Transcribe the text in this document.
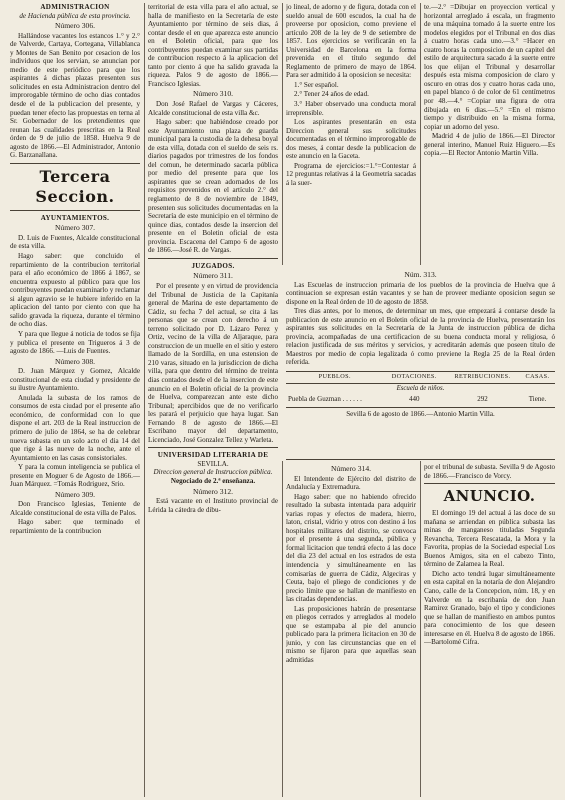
ADMINISTRACION
de Hacienda pública de esta provincia.
Número 306.

Hallándose vacantes los estancos 1.° y 2.° de Valverde, Cartaya, Cortegana, Villablanca y Montes de San Benito por cesacion de los individuos que los servian, se anuncian por medio de este periódico para que los aspirantes á dichas plazas presenten sus solicitudes en esta Administracion dentro del improrogable término de ocho dias contados desde el de la publicacion del presente, y puedan tener efecto las propuestas en terna al Sr. Gobernador de los pretendientes que reunan las cualidades prescritas en la Real órden de 9 de julio de 1858. Huelva 9 de agosto de 1866.—El Administrador, Antonio G. Barzanallana.

Tercera Seccion.
AYUNTAMIENTOS.
Número 307.

D. Luis de Fuentes, Alcalde constitucional de esta villa.

Hago saber: que concluido el repartimiento de la contribucion territorial para el año económico de 1866 á 1867, se encuentra expuesto al público para que los contribuyentes puedan examinarlo y reclamar si algun agravio se le hubiere inferido en la aplicacion del tanto por ciento con que ha salido gravada la riqueza, durante el término de ocho dias.

Y para que llegue á noticia de todos se fija y publica el presente en Trigueros á 3 de agosto de 1866. —Luis de Fuentes.

Número 308.

D. Juan Márquez y Gomez, Alcalde constitucional de esta ciudad y presidente de su ilustre Ayuntamiento.

Anulada la subasta de los ramos de consumos de esta ciudad por el presente año económico, de conformidad con lo que dispone el art. 203 de la Real instruccion de primero de julio de 1864, se ha de celebrar nueva subasta en un solo acto el dia 14 del que rige á las nueve de la noche, ante el Ayuntamiento en las casas consistoriales.

Y para la comun inteligencia se publica el presente en Moguer 6 de Agosto de 1866.—Juan Márquez. =Tomás Rodriguez, Srio.

Número 309.

Don Francisco Iglesias, Teniente de Alcalde constitucional de esta villa de Palos.

Hago saber: que terminado el repartimiento de la contribucion

territorial de esta villa para el año actual, se halla de manifiesto en la Secretaría de este Ayuntamiento por término de seis dias, á contar desde el en que aparezca este anuncio en el Boletin oficial, para que los contribuyentes puedan examinar sus partidas de contribucion respecto á la aplicacion del tanto por ciento á que ha salido gravada la riqueza. Palos 9 de agosto de 1866.—Francisco Iglesias.

Número 310.

Don José Rafael de Vargas y Cáceres, Alcalde constitucional de esta villa &c.

Hago saber: que habiéndose creado por este Ayuntamiento una plaza de guarda municipal para la custodia de la dehesa boyal de esta villa, dotada con el sueldo de seis rs. diarios pagados por trimestres de los fondos del comun, he determinado sacarla pública por medio del presente para que los aspirantes que se crean adornados de los requisitos prevenidos en el artículo 2.° del reglamento de 8 de noviembre de 1849, presenten sus solicitudes documentadas en la Secretaría de este municipio en el término de quince dias, contados desde la insercion del presente en el Boletin oficial de esta provincia. Escacena del Campo 6 de agosto de 1866.—José R. de Vargas.

JUZGADOS.
Número 311.

Por el presente y en virtud de providencia del Tribunal de Justicia de la Capitanía general de Marina de este departamento de Cádiz, su fecha 7 del actual, se cita á las personas que se crean con derecho á un terreno solicitado por D. Lázaro Perez y Ortiz, vecino de la villa de Aljaraque, para construccion de un muelle en el sitio y estero llamado de la Sordilla, en una estension de 210 varas, situado en la jurisdiccion de dicha villa, para que dentro del término de treinta dias contados desde el de la insercion de este anuncio en el Boletin oficial de la provincia de Huelva, comparezcan ante este dicho Tribunal; apercibidos que de no verificarlo les parará el perjuicio que haya lugar. San Fernando 8 de agosto de 1866.—El Escribano mayor del departamento, Licenciado, José Gonzalez Tellez y Warleta.

UNIVERSIDAD LITERARIA DE
SEVILLA.
Direccion general de Instruccion pública.
Negociado de 2.ª enseñanza.
Número 312.

Está vacante en el Instituto provincial de Lérida la cátedra de dibu-

jo lineal, de adorno y de figura, dotada con el sueldo anual de 600 escudos, la cual ha de proveerse por oposicion, como previene el artículo 208 de la ley de 9 de setiembre de 1857. Los ejercicios se verificarán en la Universidad de Barcelona en la forma prevenida en el título segundo del Reglamento de primero de mayo de 1864. Para ser admitido á la oposicion se necesita:

1.° Ser español.

2.° Tener 24 años de edad.

3.° Haber observado una conducta moral irreprensible.

Los aspirantes presentarán en esta Direccion general sus solicitudes documentadas en el término improrogable de dos meses, á contar desde la publicacion de este anuncio en la Gaceta.

Programa de ejercicios:=1.°=Contestar á 12 preguntas relativas á la Geometría sacadas á la suer-

te.—2.° =Dibujar en proyeccion vertical y horizontal arreglado á escala, un fragmento de una máquina tomado á la suerte entre los modelos elegidos por el Tribunal en dos dias á cuatro horas cada uno.—3.° =Hacer en cuatro horas la composicion de un capitel del estilo de arquitectura sacado á la suerte entre los que elijan el Tribunal y desarrollar después esta misma composicion de claro y oscuro en otras dos y cuatro horas cada uno, en papel blanco ó de color de 61 centímetros por 48.—4.° =Copiar una figura de otra dibujada en 6 dias.—5.° =En el mismo tiempo y distribuido en la misma forma, copiar un adorno del yeso.

Madrid 4 de julio de 1866.—El Director general interino, Manuel Ruiz Higuero.—Es copia.—El Rector Antonio Martin Villa.

Núm. 313.

Las Escuelas de instruccion primaria de los pueblos de la provincia de Huelva que á continuacion se expresan están vacantes y se han de proveer mediante oposicion segun se dispone en la Real órden de 10 de agosto de 1858.

Tres dias antes, por lo menos, de determinar un mes, que empezará á contarse desde la publicacion de este anuncio en el Boletin oficial de la provincia de Huelva, presentarán los aspirantes sus solicitudes en la Secretaría de la Junta de instruccion pública de dicha provincia, acompañadas de una certificacion de su buena conducta moral y religiosa, ó relacion justificada de sus méritos y servicios, y acreditarán además que poseen título de Maestros por medio de copia legalizada ó como previene la Regla 25 de la Real órden referida.

PUEBLOS.	DOTACIONES.	RETRIBUCIONES.	CASAS.
Escuela de niños.			
Puebla de Guzman . . . . . .	440	292	Tiene.

Sevilla 6 de agosto de 1866.—Antonio Martin Villa.

Número 314.

El Intendente de Ejército del distrito de Andalucía y Extremadura.

Hago saber: que no habiendo ofrecido resultado la subasta intentada para adquirir varias ropas y efectos de madera, hierro, laton, cristal, vidrio y otros con destino á los hospitales militares del distrito, se convoca por el presente á una segunda, pública y formal licitacion que tendrá efecto á las doce del dia 23 del actual en los estrados de esta intendencia y simultáneamente en las comisarías de guerra de Cádiz, Algeciras y Ceuta, bajo el pliego de condiciones y de precio límite que se hallan de manifiesto en las citadas dependencias.

Las proposiciones habrán de presentarse en pliegos cerrados y arreglados al modelo que se estampaba al pie del anuncio publicado para la primera licitacion en 30 de junio, y con las circunstancias que en el mismo se fijaron para que aquellas sean admitidas

por el tribunal de subasta. Sevilla 9 de Agosto de 1866.—Francisco de Vorcy.

ANUNCIO.

El domingo 19 del actual á las doce de su mañana se arriendan en pública subasta las minas de manganeso tituladas Segunda Revancha, Tercera Rescatada, la Mora y la Favorita, propias de la Sociedad especial Los Buenos Amigos, sita en el cabezo Tinto, término de Zalamea la Real.

Dicho acto tendrá lugar simultáneamente en esta capital en la notaría de don Alejandro Cano, calle de la Concepcion, núm. 18, y en Valverde en la escribanía de don Juan Ramirez Granado, bajo el tipo y condiciones que se hallan de manifiesto en ambos puntos para conocimiento de los que deseen interesarse en él. Huelva 8 de agosto de 1866.—Bartolomé Cifra.
